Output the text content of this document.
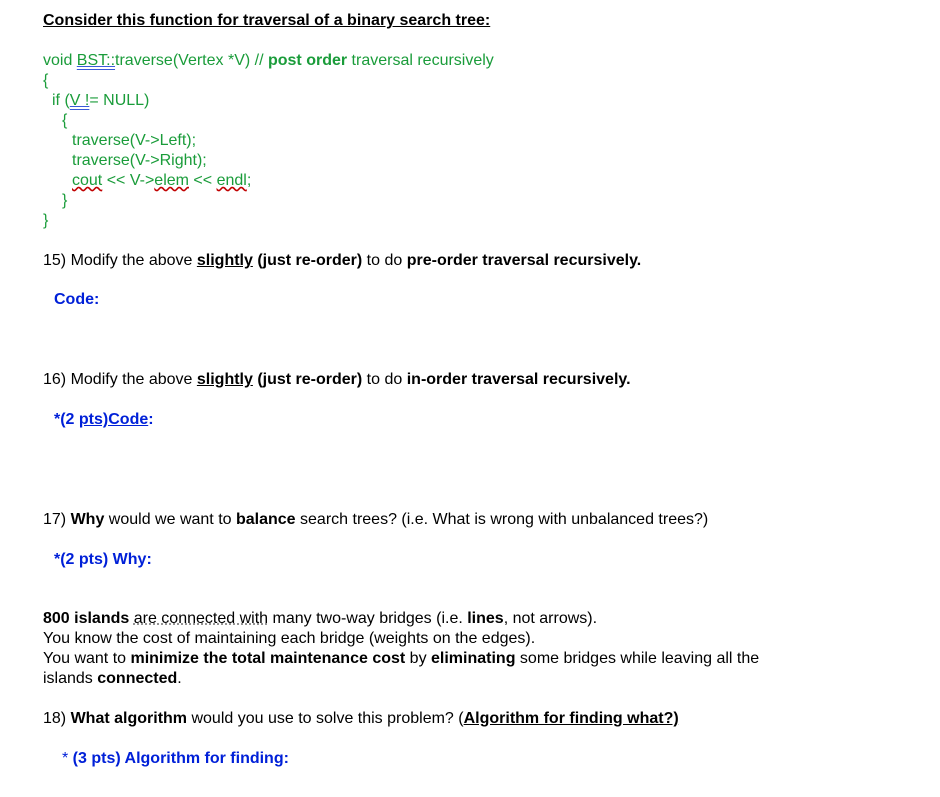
Consider this function for traversal of a binary search tree:
void BST::traverse(Vertex *V) // post order traversal recursively
{
if (V != NULL)
{
traverse(V->Left);
traverse(V->Right);
cout << V->elem << endl;
}
}
15) Modify the above slightly (just re-order) to do pre-order traversal recursively.
Code:
16) Modify the above slightly (just re-order) to do in-order traversal recursively.
*(2 pts)Code:
17) Why would we want to balance search trees? (i.e. What is wrong with unbalanced trees?)
*(2 pts) Why:
800 islands are connected with many two-way bridges (i.e. lines, not arrows).
You know the cost of maintaining each bridge (weights on the edges).
You want to minimize the total maintenance cost by eliminating some bridges while leaving all the
islands connected.
18) What algorithm would you use to solve this problem? (Algorithm for finding what?)
* (3 pts) Algorithm for finding:
